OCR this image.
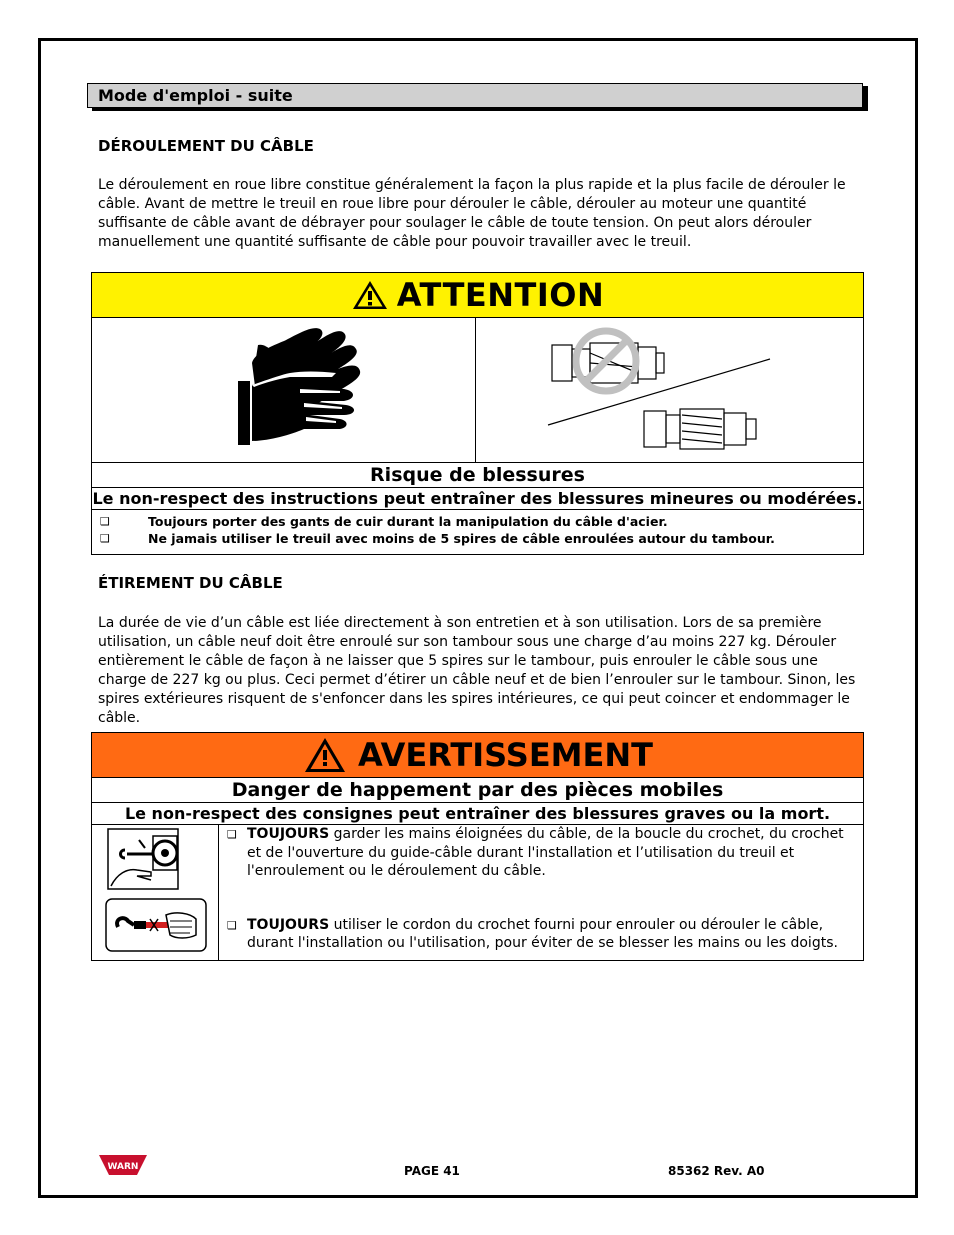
Mode d'emploi - suite
DÉROULEMENT DU CÂBLE
Le déroulement en roue libre constitue généralement la façon la plus rapide et la plus facile de dérouler le câble. Avant de mettre le treuil en roue libre pour dérouler le câble, dérouler au moteur une quantité suffisante de câble avant de débrayer pour soulager le câble de toute tension. On peut alors dérouler manuellement une quantité suffisante de câble pour pouvoir travailler avec le treuil.
ATTENTION
Risque de blessures
Le non-respect des instructions peut entraîner des blessures mineures ou modérées.
❑	Toujours porter des gants de cuir durant la manipulation du câble d'acier.
❑	Ne jamais utiliser le treuil avec moins de 5 spires de câble enroulées autour du tambour.
ÉTIREMENT DU CÂBLE
La durée de vie d’un câble est liée directement à son entretien et à son utilisation. Lors de sa première utilisation, un câble neuf doit être enroulé sur son tambour sous une charge d’au moins 227 kg. Dérouler entièrement le câble de façon à ne laisser que 5 spires sur le tambour, puis enrouler le câble sous une charge de 227 kg ou plus. Ceci permet d’étirer un câble neuf et de bien l’enrouler sur le tambour. Sinon, les spires extérieures risquent de s'enfoncer dans les spires intérieures, ce qui peut coincer et endommager le câble.
AVERTISSEMENT
Danger de happement par des pièces mobiles
Le non-respect des consignes peut entraîner des blessures graves ou la mort.
❑ TOUJOURS garder les mains éloignées du câble, de la boucle du crochet, du crochet et de l'ouverture du guide-câble durant l'installation et l’utilisation du treuil et l'enroulement ou le déroulement du câble.
❑ TOUJOURS utiliser le cordon du crochet fourni pour enrouler ou dérouler le câble, durant l'installation ou l'utilisation, pour éviter de se blesser les mains ou les doigts.
WARN	PAGE 41	85362 Rev. A0
